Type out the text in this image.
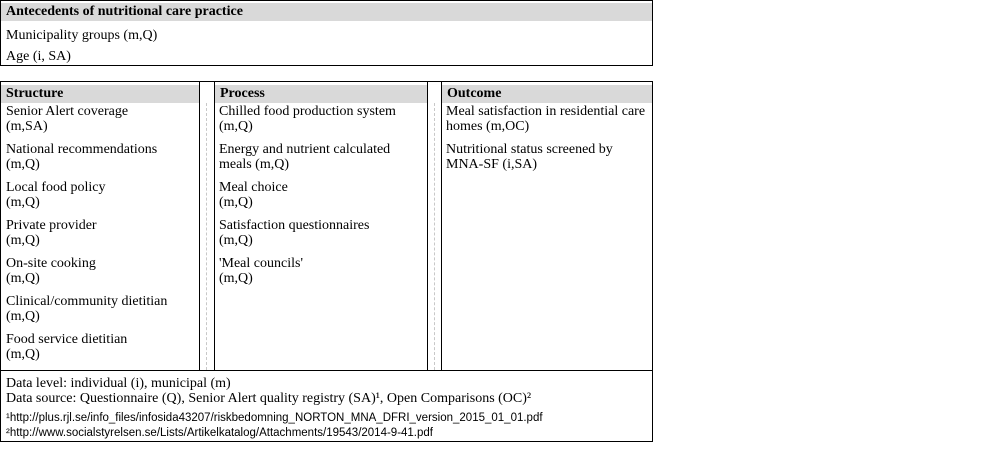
Antecedents of nutritional care practice
Municipality groups (m,Q)
Age (i, SA)
Structure	Process	Outcome
Senior Alert coverage
(m,SA)
National recommendations
(m,Q)
Local food policy
(m,Q)
Private provider
(m,Q)
On-site cooking
(m,Q)
Clinical/community dietitian
(m,Q)
Food service dietitian
(m,Q)
Chilled food production system
(m,Q)
Energy and nutrient calculated
meals (m,Q)
Meal choice
(m,Q)
Satisfaction questionnaires
(m,Q)
'Meal councils'
(m,Q)
Meal satisfaction in residential care
homes (m,OC)
Nutritional status screened by
MNA-SF (i,SA)
Data level: individual (i), municipal (m)
Data source: Questionnaire (Q), Senior Alert quality registry (SA)¹, Open Comparisons (OC)²
¹http://plus.rjl.se/info_files/infosida43207/riskbedomning_NORTON_MNA_DFRI_version_2015_01_01.pdf
²http://www.socialstyrelsen.se/Lists/Artikelkatalog/Attachments/19543/2014-9-41.pdf
